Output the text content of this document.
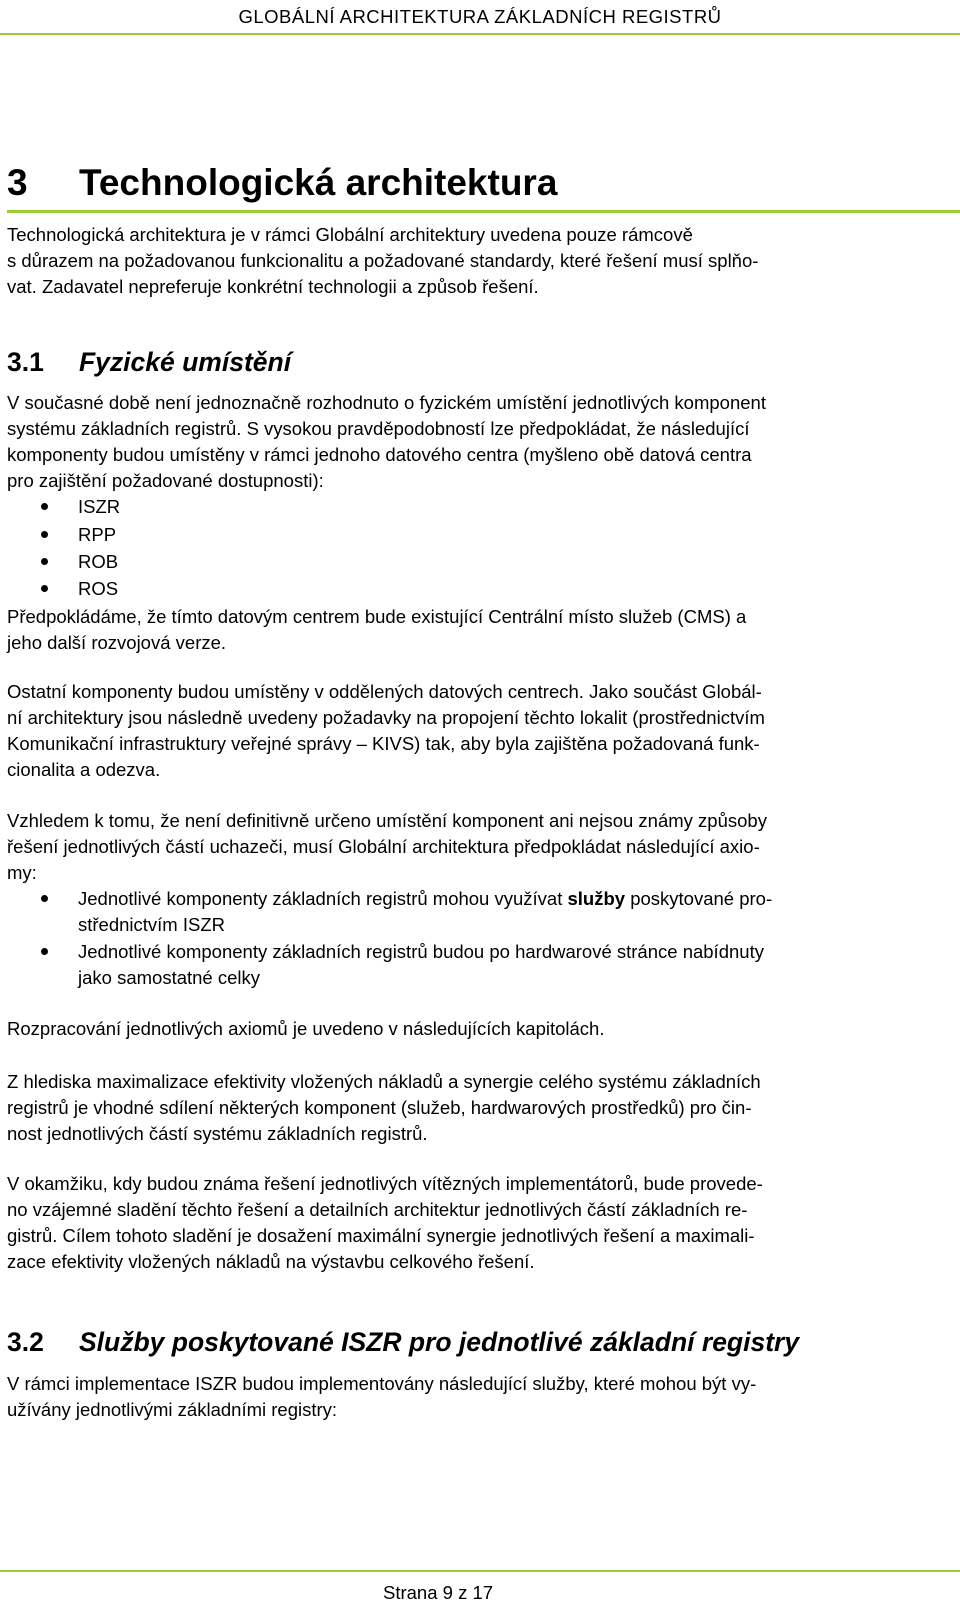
GLOBÁLNÍ ARCHITEKTURA ZÁKLADNÍCH REGISTRŮ
3 Technologická architektura
Technologická architektura je v rámci Globální architektury uvedena pouze rámcově
s důrazem na požadovanou funkcionalitu a požadované standardy, které řešení musí splňo-
vat. Zadavatel nepreferuje konkrétní technologii a způsob řešení.
3.1 Fyzické umístění
V současné době není jednoznačně rozhodnuto o fyzickém umístění jednotlivých komponent
systému základních registrů. S vysokou pravděpodobností lze předpokládat, že následující
komponenty budou umístěny v rámci jednoho datového centra (myšleno obě datová centra
pro zajištění požadované dostupnosti):
ISZR
RPP
ROB
ROS
Předpokládáme, že tímto datovým centrem bude existující Centrální místo služeb (CMS) a
jeho další rozvojová verze.
Ostatní komponenty budou umístěny v oddělených datových centrech. Jako součást Globál-
ní architektury jsou následně uvedeny požadavky na propojení těchto lokalit (prostřednictvím
Komunikační infrastruktury veřejné správy – KIVS) tak, aby byla zajištěna požadovaná funk-
cionalita a odezva.
Vzhledem k tomu, že není definitivně určeno umístění komponent ani nejsou známy způsoby
řešení jednotlivých částí uchazeči, musí Globální architektura předpokládat následující axio-
my:
Jednotlivé komponenty základních registrů mohou využívat služby poskytované pro-
střednictvím ISZR
Jednotlivé komponenty základních registrů budou po hardwarové stránce nabídnuty
jako samostatné celky
Rozpracování jednotlivých axiomů je uvedeno v následujících kapitolách.
Z hlediska maximalizace efektivity vložených nákladů a synergie celého systému základních
registrů je vhodné sdílení některých komponent (služeb, hardwarových prostředků) pro čin-
nost jednotlivých částí systému základních registrů.
V okamžiku, kdy budou známa řešení jednotlivých vítězných implementátorů, bude provede-
no vzájemné sladění těchto řešení a detailních architektur jednotlivých částí základních re-
gistrů. Cílem tohoto sladění je dosažení maximální synergie jednotlivých řešení a maximali-
zace efektivity vložených nákladů na výstavbu celkového řešení.
3.2 Služby poskytované ISZR pro jednotlivé základní registry
V rámci implementace ISZR budou implementovány následující služby, které mohou být vy-
užívány jednotlivými základními registry:
Strana 9 z 17
